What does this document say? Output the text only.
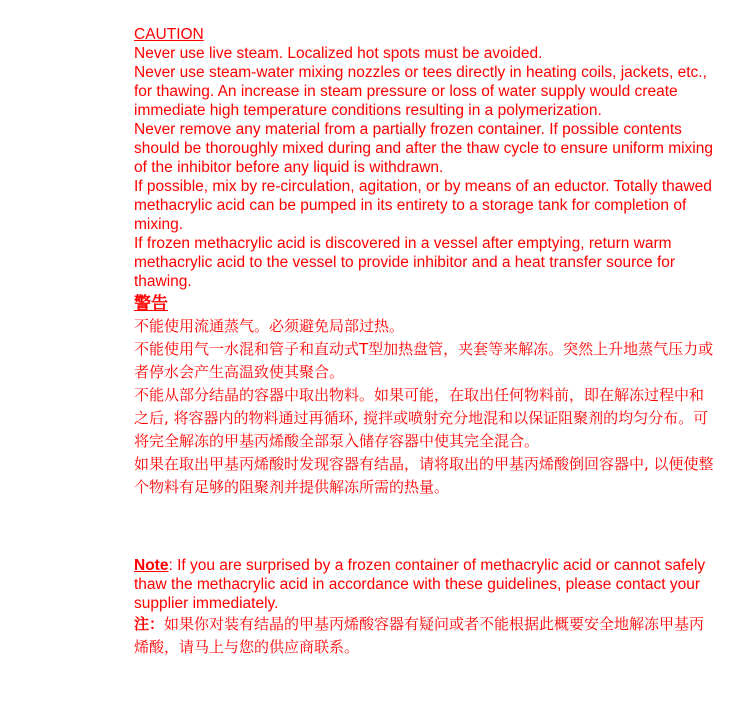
CAUTION

Never use live steam. Localized hot spots must be avoided.

Never use steam-water mixing nozzles or tees directly in heating coils, jackets, etc., for thawing. An increase in steam pressure or loss of water supply would create immediate high temperature conditions resulting in a polymerization.

Never remove any material from a partially frozen container. If possible contents should be thoroughly mixed during and after the thaw cycle to ensure uniform mixing of the inhibitor before any liquid is withdrawn.

If possible, mix by re-circulation, agitation, or by means of an eductor. Totally thawed methacrylic acid can be pumped in its entirety to a storage tank for completion of mixing.

If frozen methacrylic acid is discovered in a vessel after emptying, return warm methacrylic acid to the vessel to provide inhibitor and a heat transfer source for thawing.

警告

不能使用流通蒸气。必须避免局部过热。

不能使用气一水混和管子和直动式T型加热盘管，夹套等来解冻。突然上升地蒸气压力或者停水会产生高温致使其聚合。

不能从部分结晶的容器中取出物料。如果可能，在取出任何物料前，即在解冻过程中和之后, 将容器内的物料通过再循环, 搅拌或喷射充分地混和以保证阻聚剂的均匀分布。可将完全解冻的甲基丙烯酸全部泵入储存容器中使其完全混合。

如果在取出甲基丙烯酸时发现容器有结晶，请将取出的甲基丙烯酸倒回容器中, 以便使整个物料有足够的阻聚剂并提供解冻所需的热量。

Note: If you are surprised by a frozen container of methacrylic acid or cannot safely thaw the methacrylic acid in accordance with these guidelines, please contact your supplier immediately.

注：如果你对装有结晶的甲基丙烯酸容器有疑问或者不能根据此概要安全地解冻甲基丙烯酸，请马上与您的供应商联系。
